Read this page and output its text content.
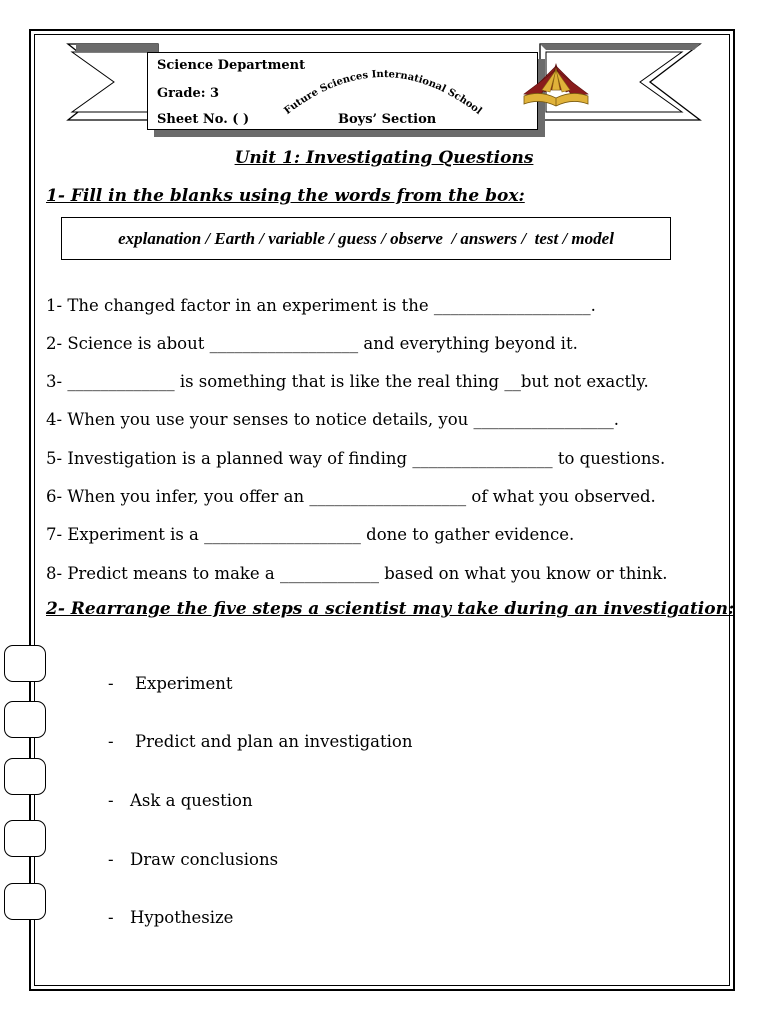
Science Department
Grade: 3
Sheet No. ( )	Boys’ Section
Future Sciences International School
Unit 1: Investigating Questions
1- Fill in the blanks using the words from the box:
explanation / Earth / variable / guess / observe  / answers /  test / model
1- The changed factor in an experiment is the ___________________.
2- Science is about __________________ and everything beyond it.
3- _____________ is something that is like the real thing __but not exactly.
4- When you use your senses to notice details, you _________________.
5- Investigation is a planned way of finding _________________ to questions.
6- When you infer, you offer an ___________________ of what you observed.
7- Experiment is a ___________________ done to gather evidence.
8- Predict means to make a ____________ based on what you know or think.
2- Rearrange the five steps a scientist may take during an investigation:
- Experiment
- Predict and plan an investigation
- Ask a question
- Draw conclusions
- Hypothesize
